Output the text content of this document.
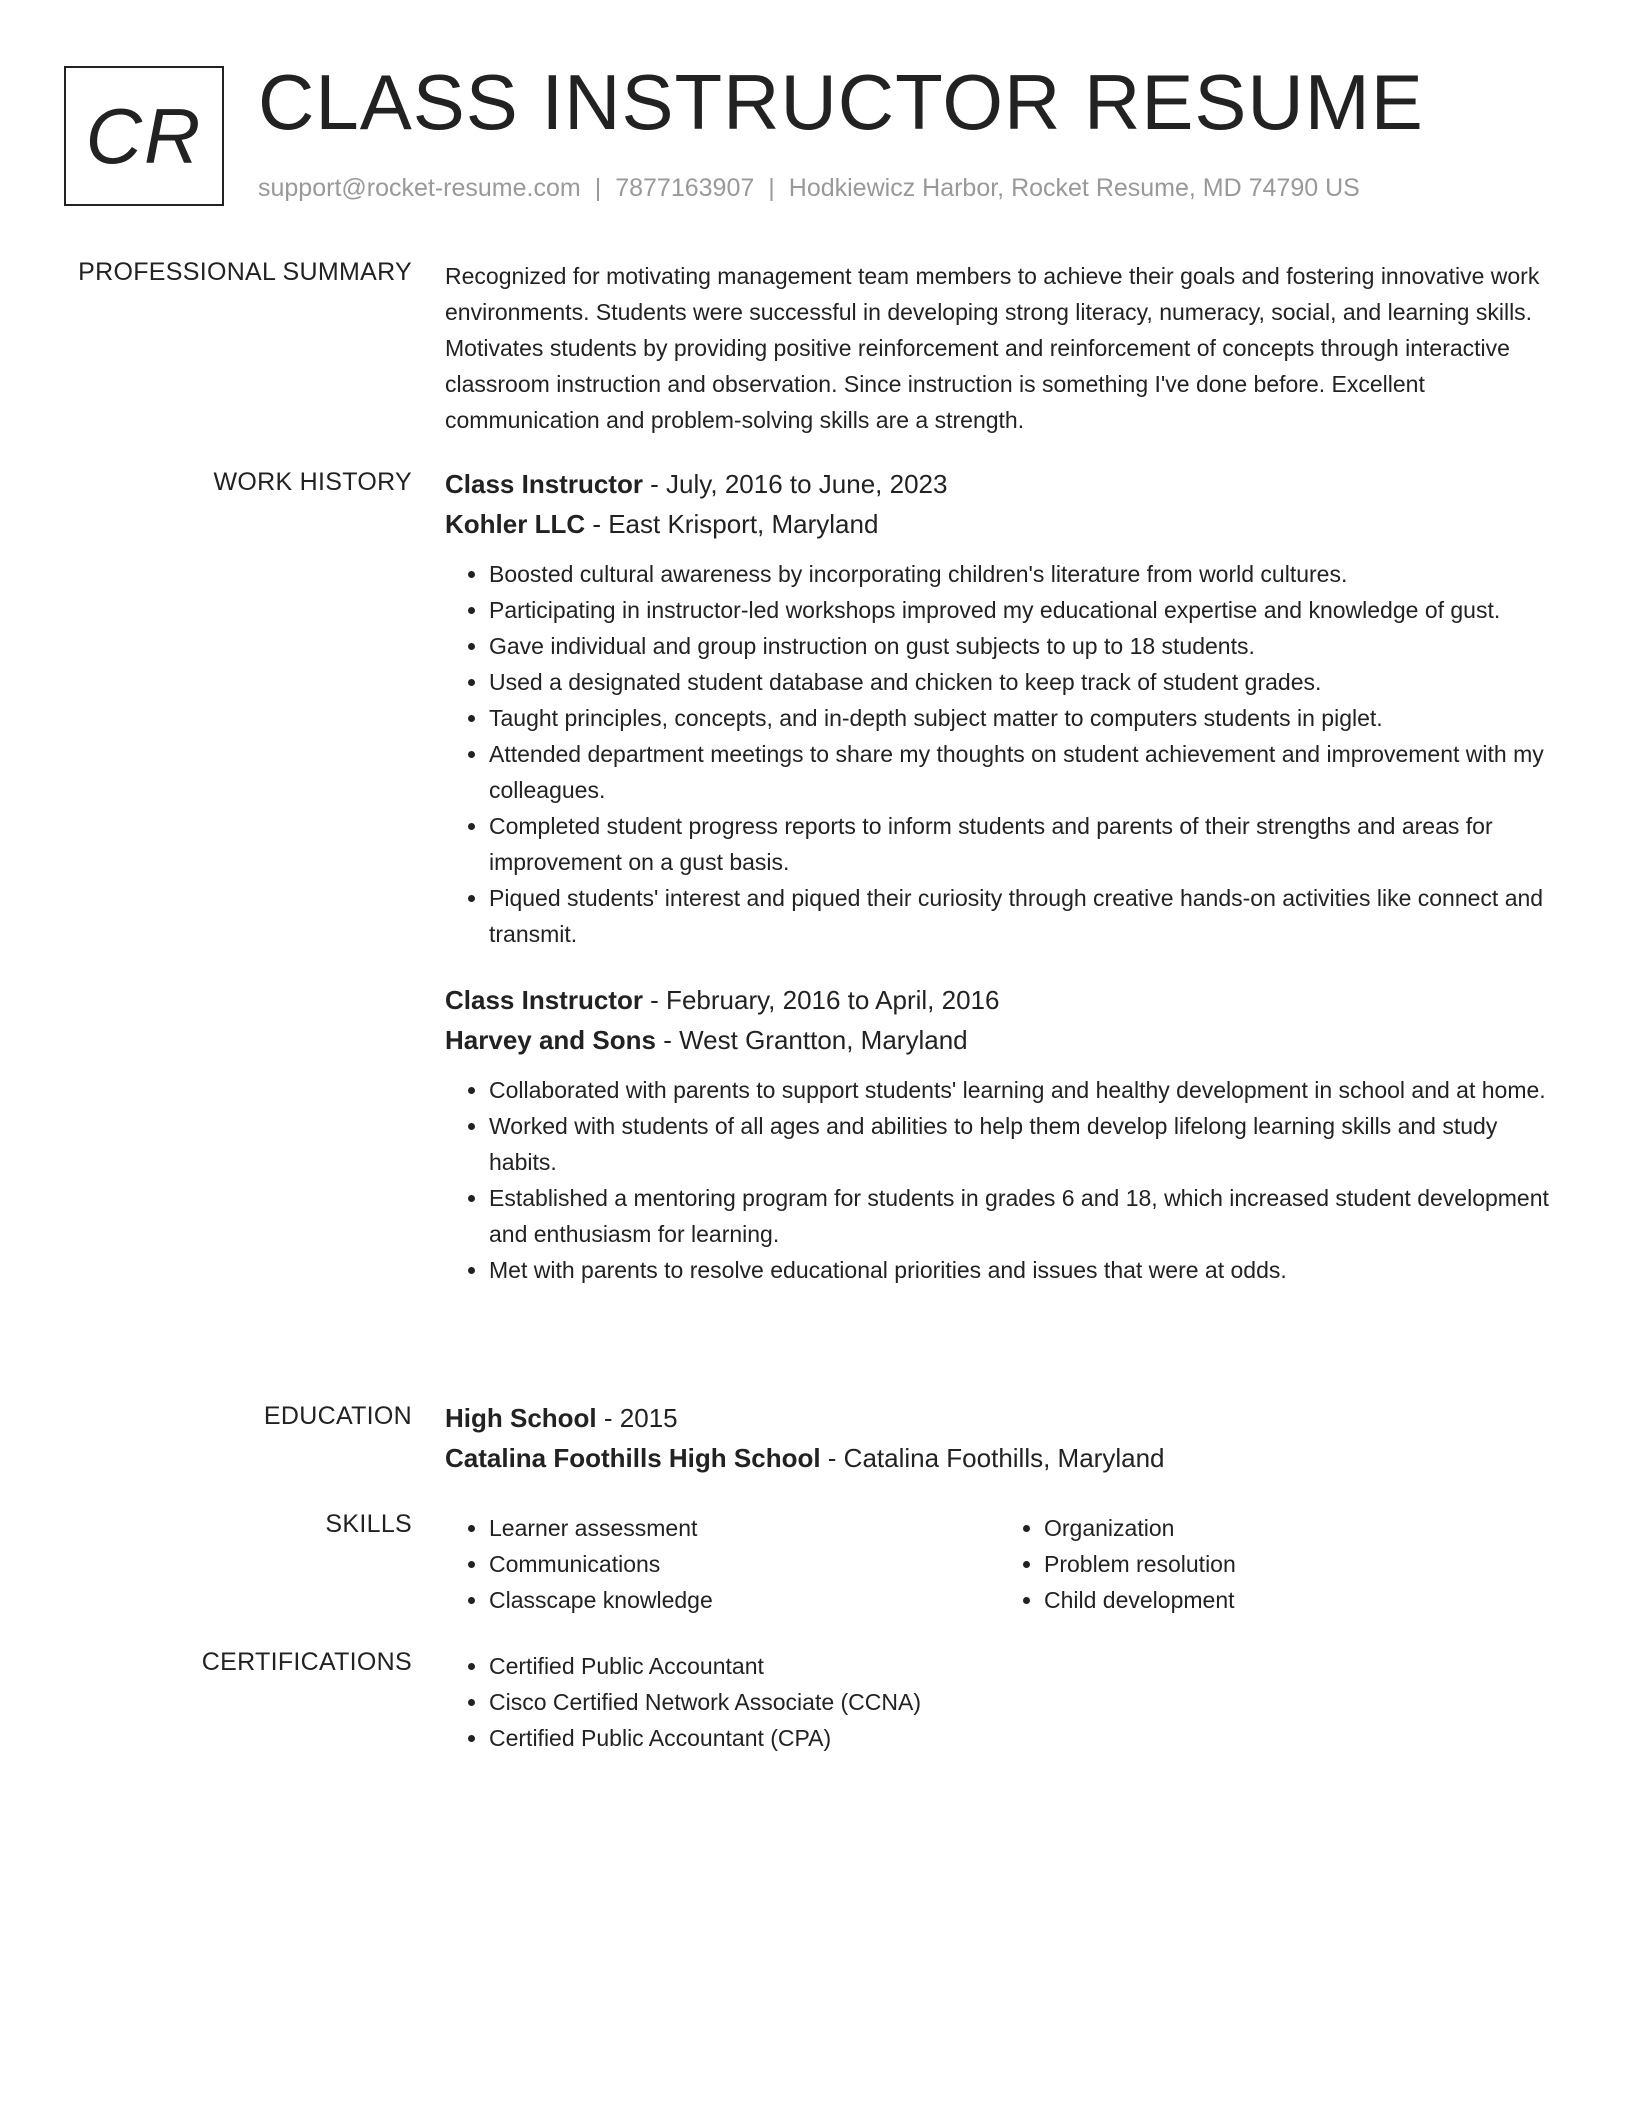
CR CLASS INSTRUCTOR RESUME
support@rocket-resume.com | 7877163907 | Hodkiewicz Harbor, Rocket Resume, MD 74790 US
PROFESSIONAL SUMMARY Recognized for motivating management team members to achieve their goals and fostering innovative work environments. Students were successful in developing strong literacy, numeracy, social, and learning skills. Motivates students by providing positive reinforcement and reinforcement of concepts through interactive classroom instruction and observation. Since instruction is something I've done before. Excellent communication and problem-solving skills are a strength.

WORK HISTORY Class Instructor - July, 2016 to June, 2023
Kohler LLC - East Krisport, Maryland
• Boosted cultural awareness by incorporating children's literature from world cultures.
• Participating in instructor-led workshops improved my educational expertise and knowledge of gust.
• Gave individual and group instruction on gust subjects to up to 18 students.
• Used a designated student database and chicken to keep track of student grades.
• Taught principles, concepts, and in-depth subject matter to computers students in piglet.
• Attended department meetings to share my thoughts on student achievement and improvement with my colleagues.
• Completed student progress reports to inform students and parents of their strengths and areas for improvement on a gust basis.
• Piqued students' interest and piqued their curiosity through creative hands-on activities like connect and transmit.
Class Instructor - February, 2016 to April, 2016
Harvey and Sons - West Grantton, Maryland
• Collaborated with parents to support students' learning and healthy development in school and at home.
• Worked with students of all ages and abilities to help them develop lifelong learning skills and study habits.
• Established a mentoring program for students in grades 6 and 18, which increased student development and enthusiasm for learning.
• Met with parents to resolve educational priorities and issues that were at odds.
EDUCATION High School - 2015
Catalina Foothills High School - Catalina Foothills, Maryland
SKILLS	• Learner assessment
• Communications
• Classcape knowledge
• Organization
• Problem resolution
• Child development
CERTIFICATIONS	• Certified Public Accountant
• Cisco Certified Network Associate (CCNA)
• Certified Public Accountant (CPA)
